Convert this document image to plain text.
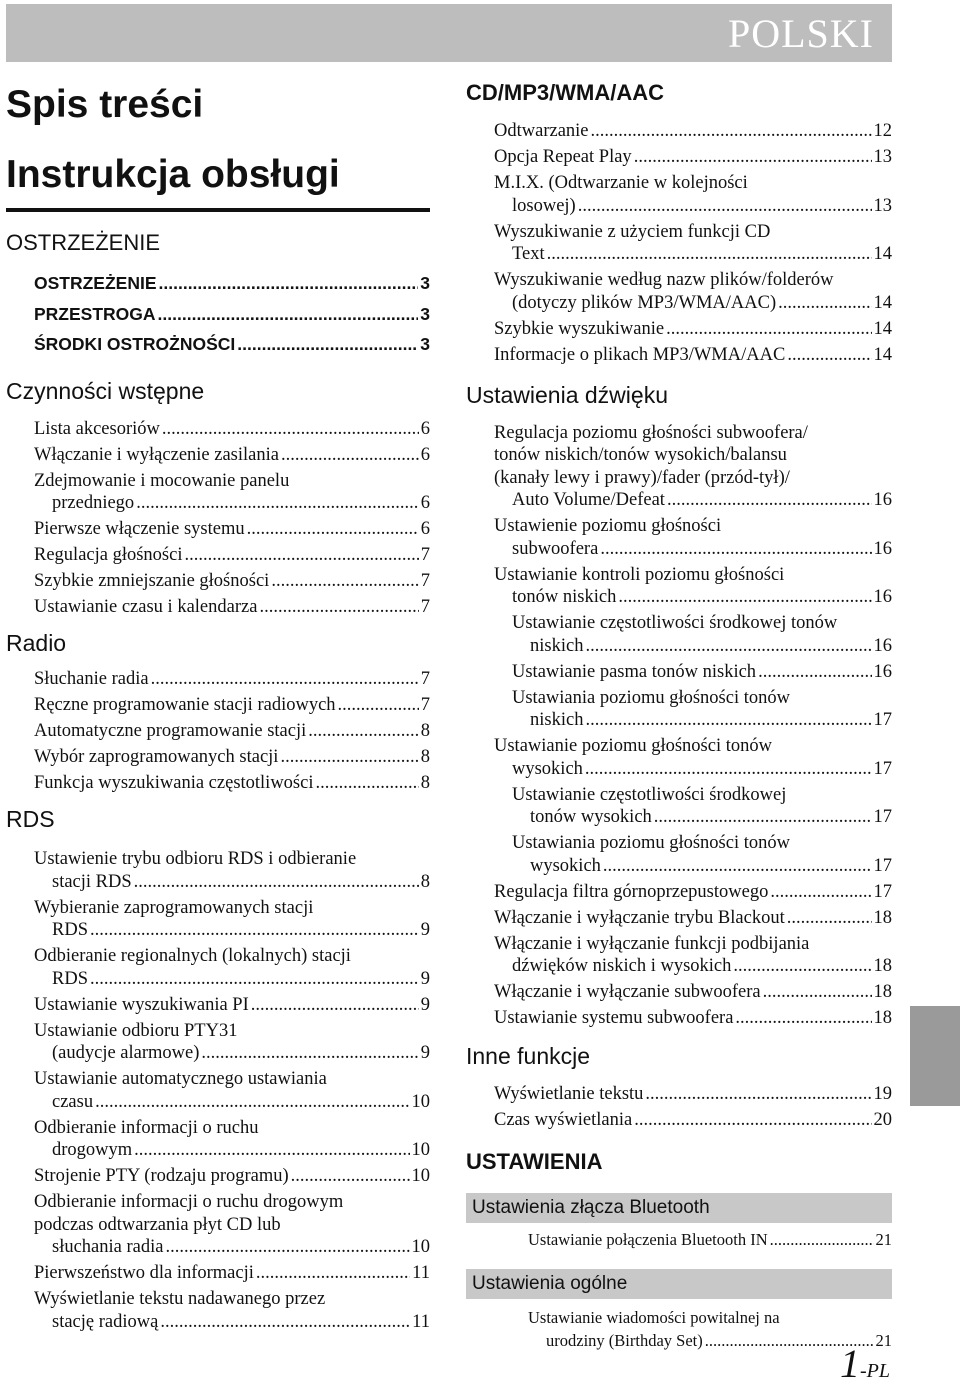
POLSKI
Spis treści
Instrukcja obsługi
OSTRZEŻENIE
OSTRZEŻENIE .....	3
PRZESTROGA .....	3
ŚRODKI OSTROŻNOŚCI .....	3
Czynności wstępne
Lista akcesoriów .....	6
Włączanie i wyłączenie zasilania .....	6
Zdejmowanie i mocowanie panelu
przedniego .....	6
Pierwsze włączenie systemu .....	6
Regulacja głośności .....	7
Szybkie zmniejszanie głośności .....	7
Ustawianie czasu i kalendarza .....	7
Radio
Słuchanie radia .....	7
Ręczne programowanie stacji radiowych .....	7
Automatyczne programowanie stacji .....	8
Wybór zaprogramowanych stacji .....	8
Funkcja wyszukiwania częstotliwości .....	8
RDS
Ustawienie trybu odbioru RDS i odbieranie
stacji RDS .....	8
Wybieranie zaprogramowanych stacji
RDS .....	9
Odbieranie regionalnych (lokalnych) stacji
RDS .....	9
Ustawianie wyszukiwania PI .....	9
Ustawianie odbioru PTY31
(audycje alarmowe) .....	9
Ustawianie automatycznego ustawiania
czasu .....	10
Odbieranie informacji o ruchu
drogowym .....	10
Strojenie PTY (rodzaju programu) .....	10
Odbieranie informacji o ruchu drogowym
podczas odtwarzania płyt CD lub
słuchania radia .....	10
Pierwszeństwo dla informacji .....	11
Wyświetlanie tekstu nadawanego przez
stację radiową .....	11
CD/MP3/WMA/AAC
Odtwarzanie .....	12
Opcja Repeat Play .....	13
M.I.X. (Odtwarzanie w kolejności
losowej) .....	13
Wyszukiwanie z użyciem funkcji CD
Text .....	14
Wyszukiwanie według nazw plików/folderów
(dotyczy plików MP3/WMA/AAC) .....	14
Szybkie wyszukiwanie .....	14
Informacje o plikach MP3/WMA/AAC .....	14
Ustawienia dźwięku
Regulacja poziomu głośności subwoofera/
tonów niskich/tonów wysokich/balansu
(kanały lewy i prawy)/fader (przód-tył)/
Auto Volume/Defeat .....	16
Ustawienie poziomu głośności
subwoofera .....	16
Ustawianie kontroli poziomu głośności
tonów niskich .....	16
Ustawianie częstotliwości środkowej tonów
niskich .....	16
Ustawianie pasma tonów niskich .....	16
Ustawiania poziomu głośności tonów
niskich .....	17
Ustawianie poziomu głośności tonów
wysokich .....	17
Ustawianie częstotliwości środkowej
tonów wysokich .....	17
Ustawiania poziomu głośności tonów
wysokich .....	17
Regulacja filtra górnoprzepustowego .....	17
Włączanie i wyłączanie trybu Blackout .....	18
Włączanie i wyłączanie funkcji podbijania
dźwięków niskich i wysokich .....	18
Włączanie i wyłączanie subwoofera .....	18
Ustawianie systemu subwoofera .....	18
Inne funkcje
Wyświetlanie tekstu .....	19
Czas wyświetlania .....	20
USTAWIENIA
Ustawienia złącza Bluetooth
Ustawianie połączenia Bluetooth IN .....	21
Ustawienia ogólne
Ustawianie wiadomości powitalnej na
urodziny (Birthday Set) .....	21
1-PL
